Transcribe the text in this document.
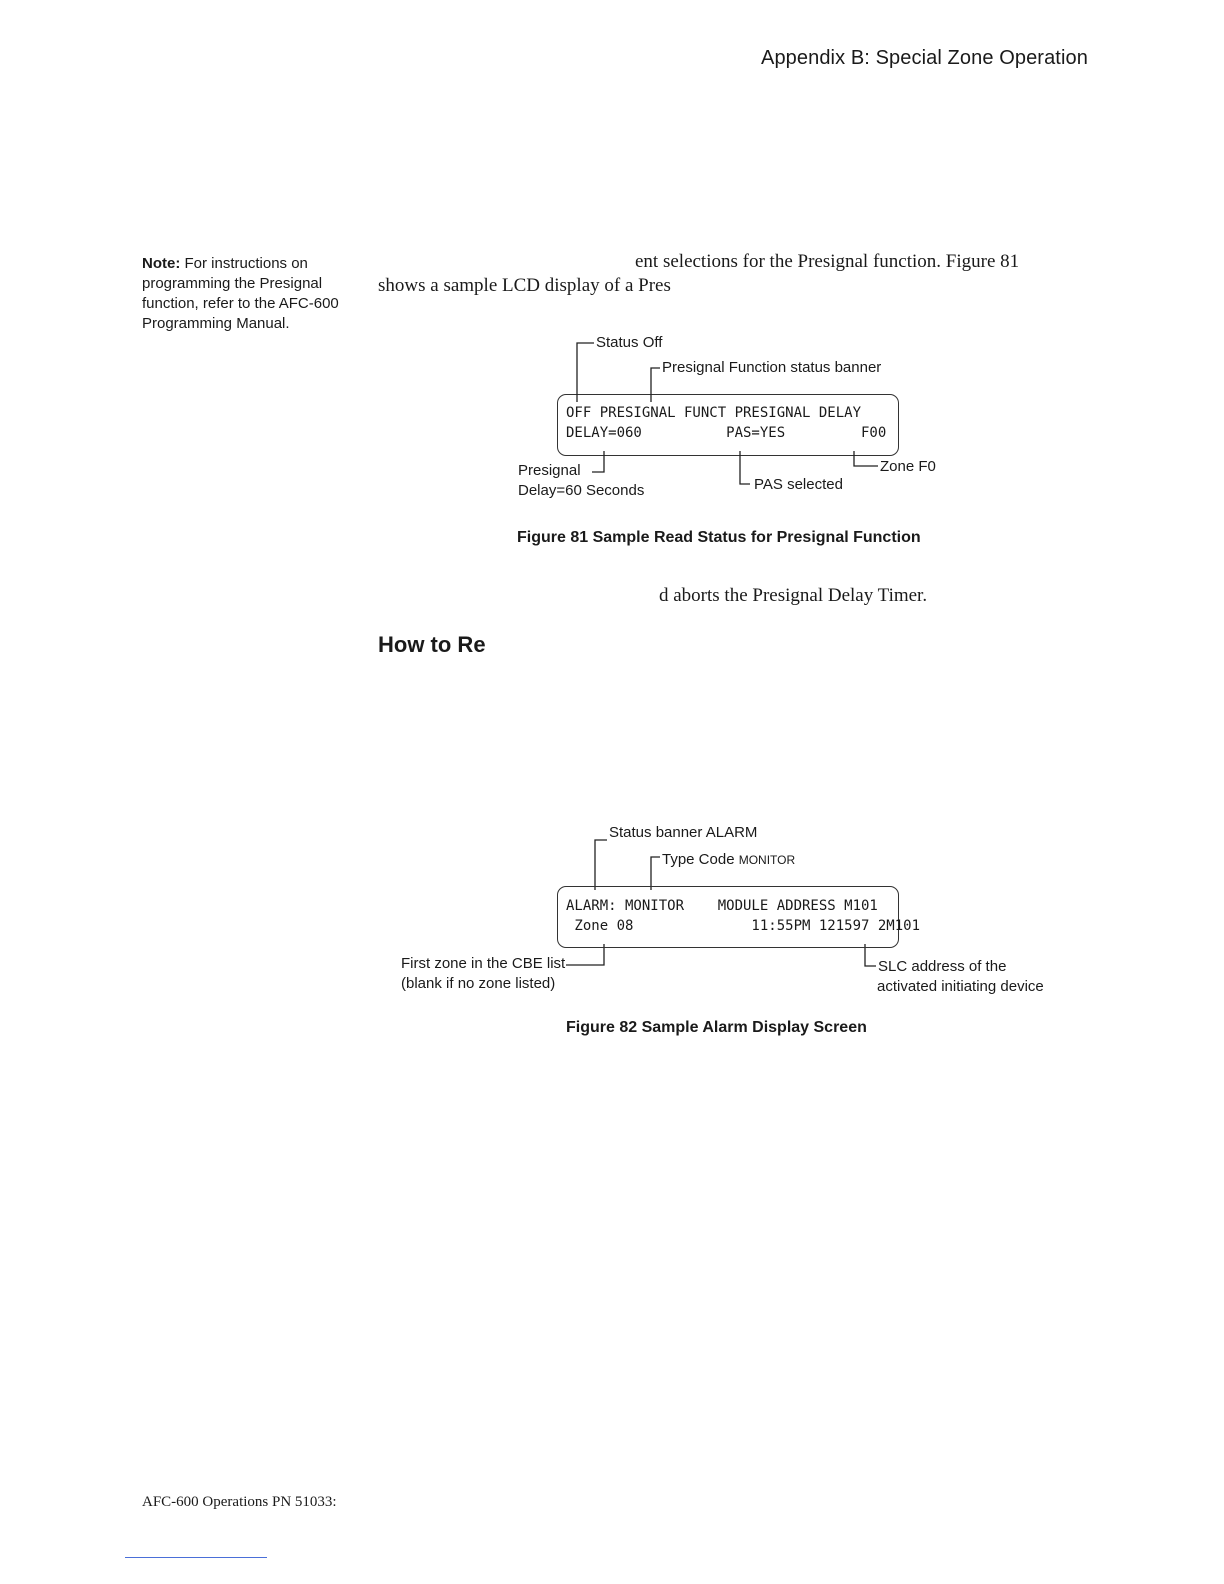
Appendix B: Special Zone Operation
Note: For instructions on programming the Presignal function, refer to the AFC-600 Programming Manual.
ent selections for the Presignal function. Figure 81
shows a sample LCD display of a Pres
OFF PRESIGNAL FUNCT PRESIGNAL DELAY
DELAY=060          PAS=YES         F00
Status Off
Presignal Function status banner
Presignal
Delay=60 Seconds	PAS selected
Zone F0
Figure 81 Sample Read Status for Presignal Function
d aborts the Presignal Delay Timer.
How to Re
ALARM: MONITOR    MODULE ADDRESS M101
Zone 08              11:55PM 121597 2M101
Status banner ALARM
Type Code MONITOR
First zone in the CBE list
(blank if no zone listed)
SLC address of the
activated initiating device
Figure 82 Sample Alarm Display Screen
AFC-600 Operations PN 51033:
